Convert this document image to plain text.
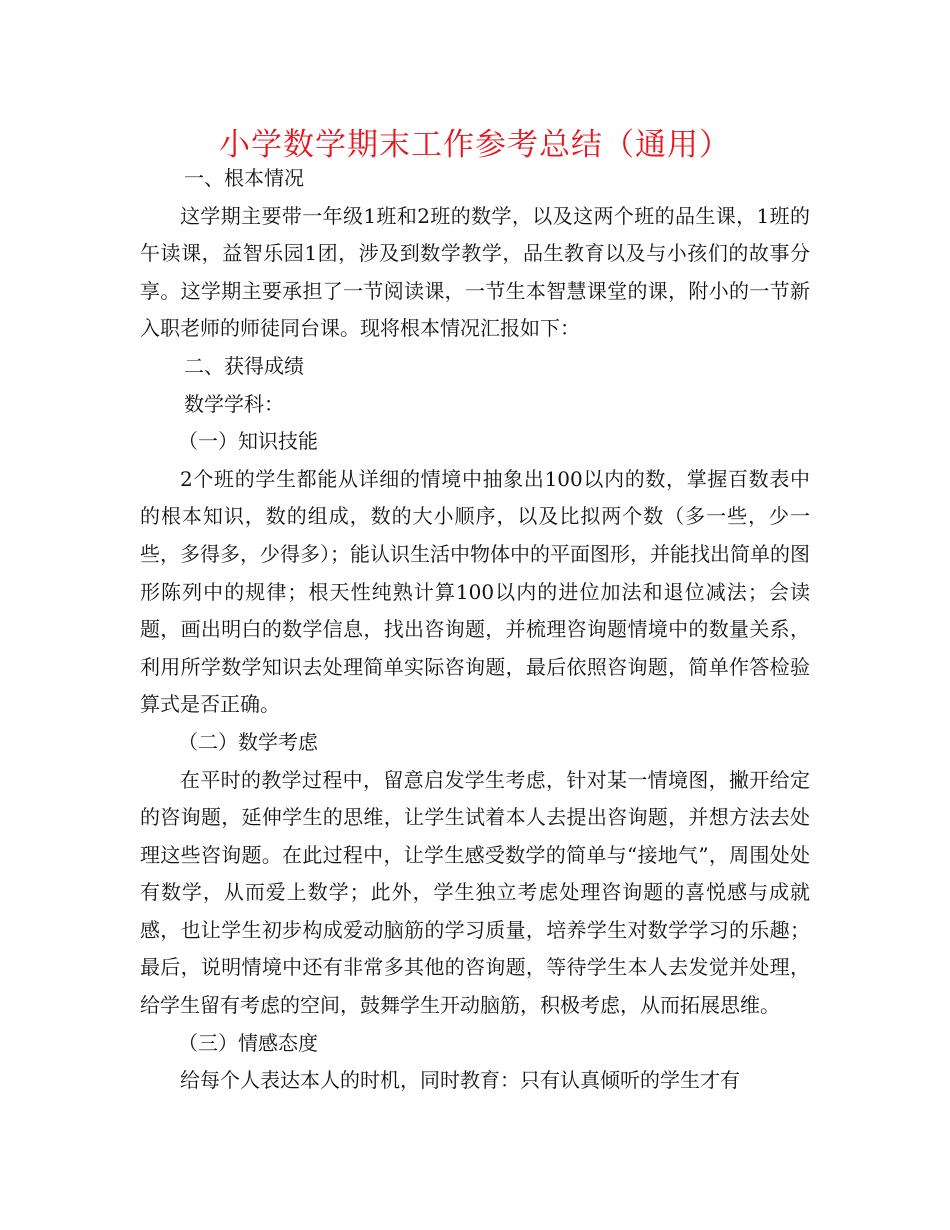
小学数学期末工作参考总结（通用）

一、根本情况

这学期主要带一年级1班和2班的数学，以及这两个班的品生课，1班的午读课，益智乐园1团，涉及到数学教学，品生教育以及与小孩们的故事分享。这学期主要承担了一节阅读课，一节生本智慧课堂的课，附小的一节新入职老师的师徒同台课。现将根本情况汇报如下：

二、获得成绩

数学学科：

（一）知识技能

2个班的学生都能从详细的情境中抽象出100以内的数，掌握百数表中的根本知识，数的组成，数的大小顺序，以及比拟两个数（多一些，少一些，多得多，少得多）；能认识生活中物体中的平面图形，并能找出简单的图形陈列中的规律；根天性纯熟计算100以内的进位加法和退位减法；会读题，画出明白的数学信息，找出咨询题，并梳理咨询题情境中的数量关系，利用所学数学知识去处理简单实际咨询题，最后依照咨询题，简单作答检验算式是否正确。

（二）数学考虑

在平时的教学过程中，留意启发学生考虑，针对某一情境图，撇开给定的咨询题，延伸学生的思维，让学生试着本人去提出咨询题，并想方法去处理这些咨询题。在此过程中，让学生感受数学的简单与“接地气”，周围处处有数学，从而爱上数学；此外，学生独立考虑处理咨询题的喜悦感与成就感，也让学生初步构成爱动脑筋的学习质量，培养学生对数学学习的乐趣；最后，说明情境中还有非常多其他的咨询题，等待学生本人去发觉并处理，给学生留有考虑的空间，鼓舞学生开动脑筋，积极考虑，从而拓展思维。

（三）情感态度

给每个人表达本人的时机，同时教育：只有认真倾听的学生才有
